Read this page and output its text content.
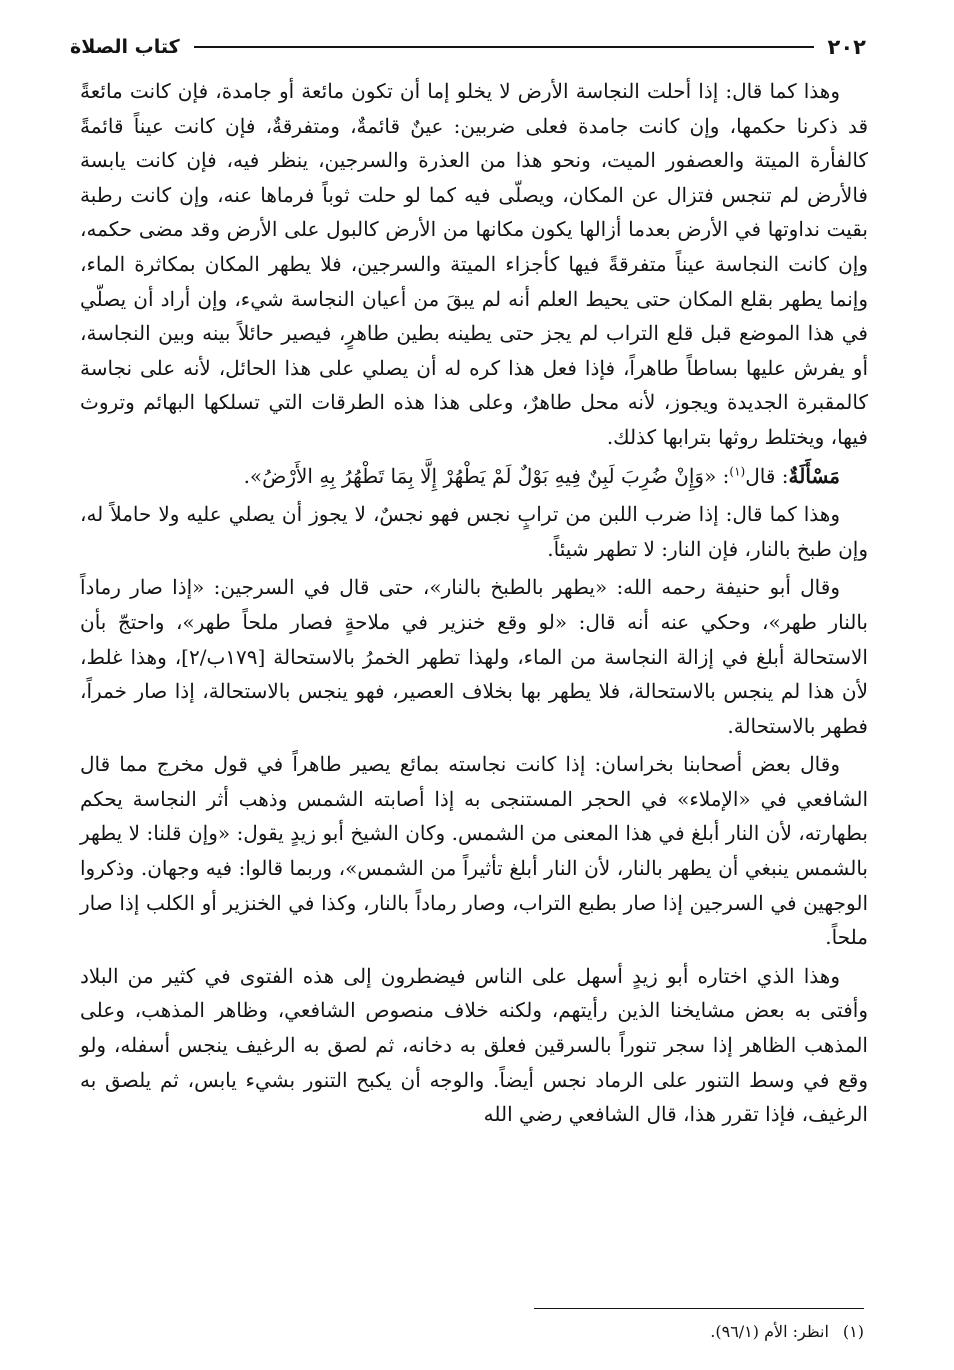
٢٠٢
كتاب الصلاة

وهذا كما قال: إذا أحلت النجاسة الأرض لا يخلو إما أن تكون مائعة أو جامدة، فإن كانت مائعةً قد ذكرنا حكمها، وإن كانت جامدة فعلى ضربين: عينٌ قائمةٌ، ومتفرقةٌ، فإن كانت عيناً قائمةً كالفأرة الميتة والعصفور الميت، ونحو هذا من العذرة والسرجين، ينظر فيه، فإن كانت يابسة فالأرض لم تنجس فتزال عن المكان، ويصلّى فيه كما لو حلت ثوباً فرماها عنه، وإن كانت رطبة بقيت نداوتها في الأرض بعدما أزالها يكون مكانها من الأرض كالبول على الأرض وقد مضى حكمه، وإن كانت النجاسة عيناً متفرقةً فيها كأجزاء الميتة والسرجين، فلا يطهر المكان بمكاثرة الماء، وإنما يطهر بقلع المكان حتى يحيط العلم أنه لم يبقَ من أعيان النجاسة شيء، وإن أراد أن يصلّي في هذا الموضع قبل قلع التراب لم يجز حتى يطينه بطين طاهرٍ، فيصير حائلاً بينه وبين النجاسة، أو يفرش عليها بساطاً طاهراً، فإذا فعل هذا كره له أن يصلي على هذا الحائل، لأنه على نجاسة كالمقبرة الجديدة ويجوز، لأنه محل طاهرٌ، وعلى هذا هذه الطرقات التي تسلكها البهائم وتروث فيها، ويختلط روثها بترابها كذلك.

مَسْأَلَةٌ: قال$^{(١)}$: «وَإِنْ ضُرِبَ لَبِنٌ فِيهِ بَوْلٌ لَمْ يَطْهُرْ إِلَّا بِمَا تَطْهُرُ بِهِ الأَرْضُ».

وهذا كما قال: إذا ضرب اللبن من ترابٍ نجس فهو نجسٌ، لا يجوز أن يصلي عليه ولا حاملاً له، وإن طبخ بالنار، فإن النار: لا تطهر شيئاً.

وقال أبو حنيفة رحمه الله: «يطهر بالطبخ بالنار»، حتى قال في السرجين: «إذا صار رماداً بالنار طهر»، وحكي عنه أنه قال: «لو وقع خنزير في ملاحةٍ فصار ملحاً طهر»، واحتجّ بأن الاستحالة أبلغ في إزالة النجاسة من الماء، ولهذا تطهر الخمرُ بالاستحالة [١٧٩ب/٢]، وهذا غلط، لأن هذا لم ينجس بالاستحالة، فلا يطهر بها بخلاف العصير، فهو ينجس بالاستحالة، إذا صار خمراً، فطهر بالاستحالة.

وقال بعض أصحابنا بخراسان: إذا كانت نجاسته بمائع يصير طاهراً في قول مخرج مما قال الشافعي في «الإملاء» في الحجر المستنجى به إذا أصابته الشمس وذهب أثر النجاسة يحكم بطهارته، لأن النار أبلغ في هذا المعنى من الشمس. وكان الشيخ أبو زيدٍ يقول: «وإن قلنا: لا يطهر بالشمس ينبغي أن يطهر بالنار، لأن النار أبلغ تأثيراً من الشمس»، وربما قالوا: فيه وجهان. وذكروا الوجهين في السرجين إذا صار بطبع التراب، وصار رماداً بالنار، وكذا في الخنزير أو الكلب إذا صار ملحاً.

وهذا الذي اختاره أبو زيدٍ أسهل على الناس فيضطرون إلى هذه الفتوى في كثير من البلاد وأفتى به بعض مشايخنا الذين رأيتهم، ولكنه خلاف منصوص الشافعي، وظاهر المذهب، وعلى المذهب الظاهر إذا سجر تنوراً بالسرقين فعلق به دخانه، ثم لصق به الرغيف ينجس أسفله، ولو وقع في وسط التنور على الرماد نجس أيضاً. والوجه أن يكبح التنور بشيء يابس، ثم يلصق به الرغيف، فإذا تقرر هذا، قال الشافعي رضي الله

(١)انظر: الأم (٩٦/١).
